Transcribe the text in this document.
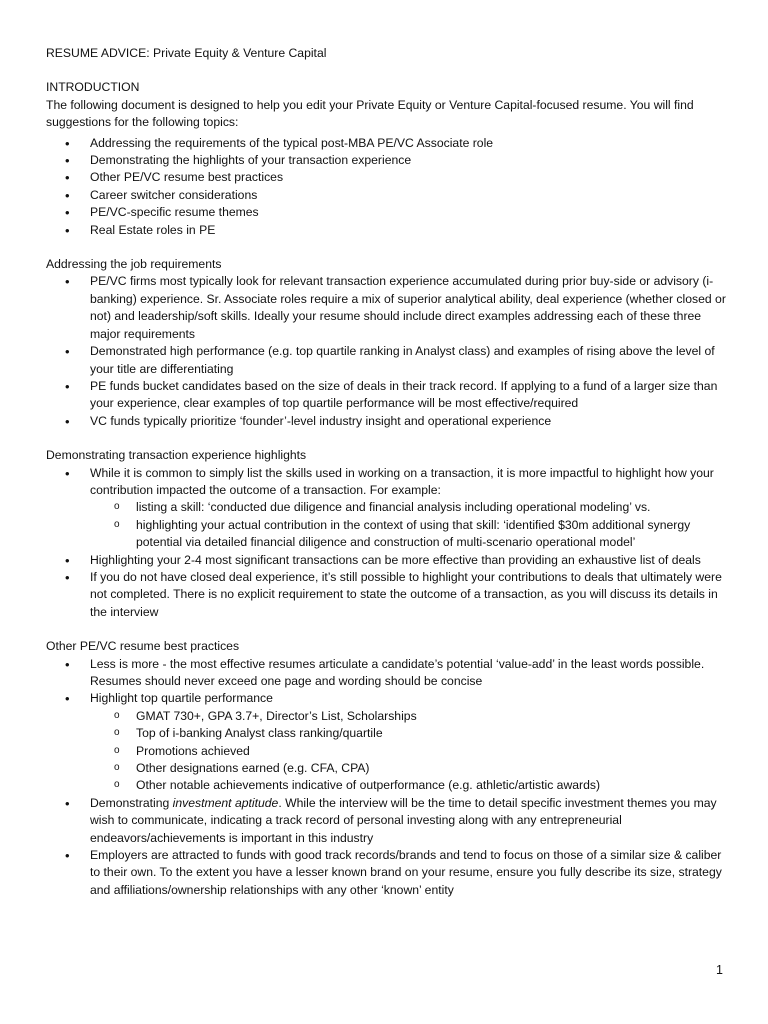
RESUME ADVICE: Private Equity & Venture Capital

INTRODUCTION

The following document is designed to help you edit your Private Equity or Venture Capital-focused resume. You will find suggestions for the following topics:

• Addressing the requirements of the typical post-MBA PE/VC Associate role
• Demonstrating the highlights of your transaction experience
• Other PE/VC resume best practices
• Career switcher considerations
• PE/VC-specific resume themes
• Real Estate roles in PE

Addressing the job requirements

• PE/VC firms most typically look for relevant transaction experience accumulated during prior buy-side or advisory (i-banking) experience. Sr. Associate roles require a mix of superior analytical ability, deal experience (whether closed or not) and leadership/soft skills. Ideally your resume should include direct examples addressing each of these three major requirements
• Demonstrated high performance (e.g. top quartile ranking in Analyst class) and examples of rising above the level of your title are differentiating
• PE funds bucket candidates based on the size of deals in their track record. If applying to a fund of a larger size than your experience, clear examples of top quartile performance will be most effective/required
• VC funds typically prioritize ‘founder’-level industry insight and operational experience

Demonstrating transaction experience highlights

• While it is common to simply list the skills used in working on a transaction, it is more impactful to highlight how your contribution impacted the outcome of a transaction. For example:
o listing a skill: ‘conducted due diligence and financial analysis including operational modeling’ vs.
o highlighting your actual contribution in the context of using that skill: ‘identified $30m additional synergy potential via detailed financial diligence and construction of multi-scenario operational model’
• Highlighting your 2-4 most significant transactions can be more effective than providing an exhaustive list of deals
• If you do not have closed deal experience, it’s still possible to highlight your contributions to deals that ultimately were not completed. There is no explicit requirement to state the outcome of a transaction, as you will discuss its details in the interview

Other PE/VC resume best practices

• Less is more - the most effective resumes articulate a candidate’s potential ‘value-add’ in the least words possible. Resumes should never exceed one page and wording should be concise
• Highlight top quartile performance
o GMAT 730+, GPA 3.7+, Director’s List, Scholarships
o Top of i-banking Analyst class ranking/quartile
o Promotions achieved
o Other designations earned (e.g. CFA, CPA)
o Other notable achievements indicative of outperformance (e.g. athletic/artistic awards)
• Demonstrating investment aptitude. While the interview will be the time to detail specific investment themes you may wish to communicate, indicating a track record of personal investing along with any entrepreneurial endeavors/achievements is important in this industry
• Employers are attracted to funds with good track records/brands and tend to focus on those of a similar size & caliber to their own. To the extent you have a lesser known brand on your resume, ensure you fully describe its size, strategy and affiliations/ownership relationships with any other ‘known’ entity
1
